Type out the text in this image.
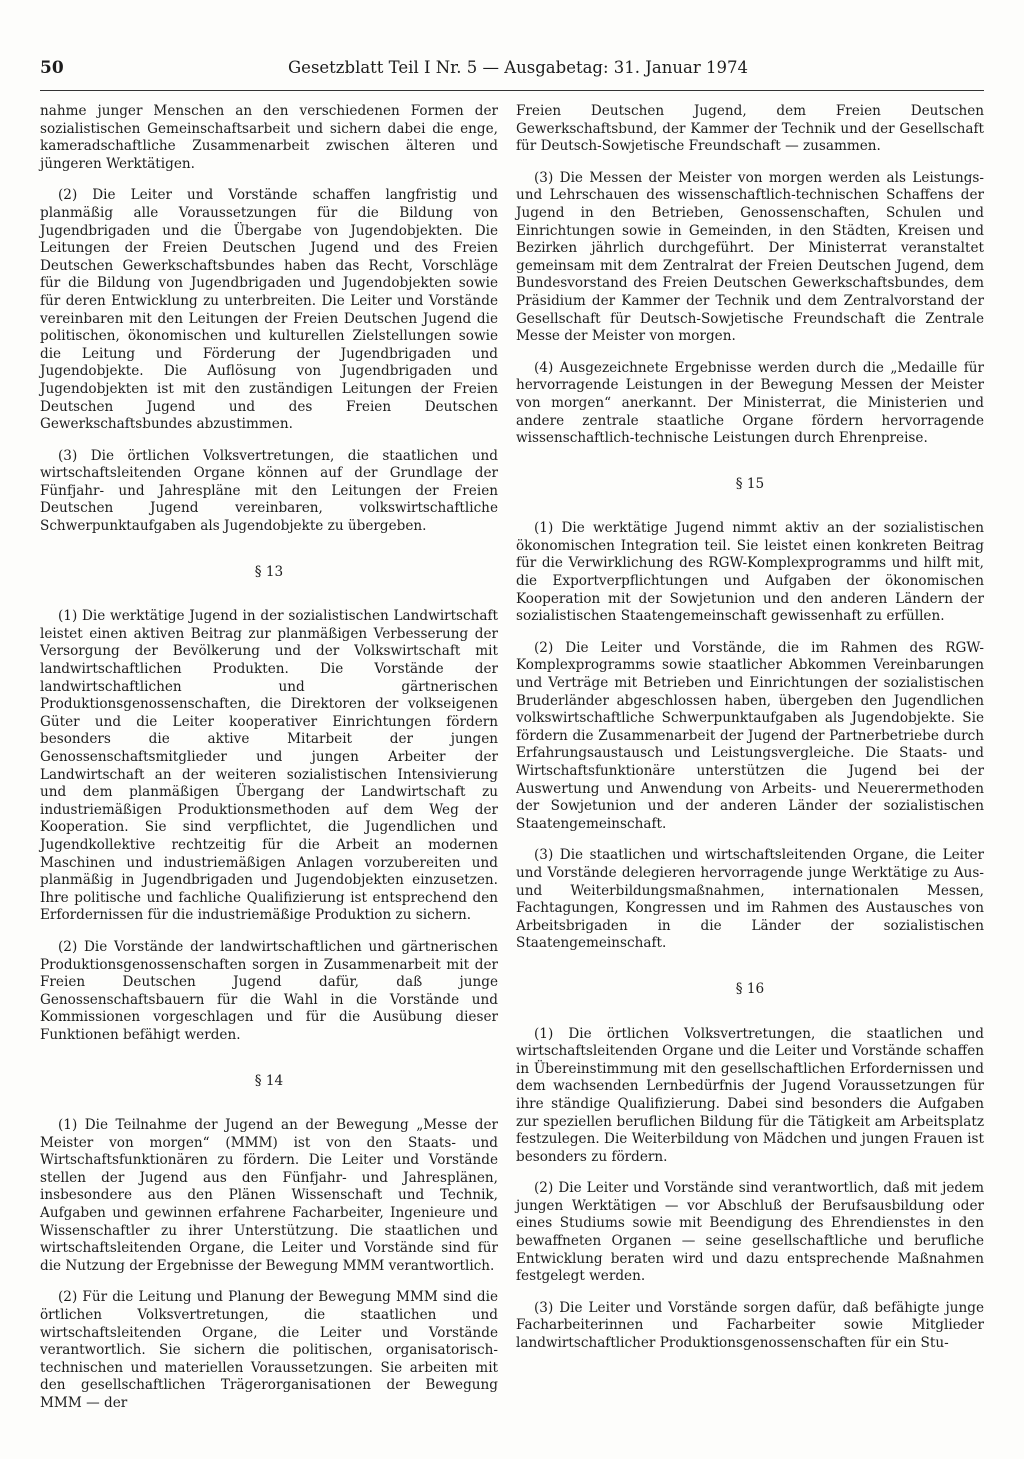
50	Gesetzblatt Teil I Nr. 5 — Ausgabetag: 31. Januar 1974

nahme junger Menschen an den verschiedenen Formen der sozialistischen Gemeinschaftsarbeit und sichern dabei die enge, kameradschaftliche Zusammenarbeit zwischen älteren und jüngeren Werktätigen.

(2) Die Leiter und Vorstände schaffen langfristig und planmäßig alle Voraussetzungen für die Bildung von Jugendbrigaden und die Übergabe von Jugendobjekten. Die Leitungen der Freien Deutschen Jugend und des Freien Deutschen Gewerkschaftsbundes haben das Recht, Vorschläge für die Bildung von Jugendbrigaden und Jugendobjekten sowie für deren Entwicklung zu unterbreiten. Die Leiter und Vorstände vereinbaren mit den Leitungen der Freien Deutschen Jugend die politischen, ökonomischen und kulturellen Zielstellungen sowie die Leitung und Förderung der Jugendbrigaden und Jugendobjekte. Die Auflösung von Jugendbrigaden und Jugendobjekten ist mit den zuständigen Leitungen der Freien Deutschen Jugend und des Freien Deutschen Gewerkschaftsbundes abzustimmen.

(3) Die örtlichen Volksvertretungen, die staatlichen und wirtschaftsleitenden Organe können auf der Grundlage der Fünfjahr- und Jahrespläne mit den Leitungen der Freien Deutschen Jugend vereinbaren, volkswirtschaftliche Schwerpunktaufgaben als Jugendobjekte zu übergeben.

§ 13

(1) Die werktätige Jugend in der sozialistischen Landwirtschaft leistet einen aktiven Beitrag zur planmäßigen Verbesserung der Versorgung der Bevölkerung und der Volkswirtschaft mit landwirtschaftlichen Produkten. Die Vorstände der landwirtschaftlichen und gärtnerischen Produktionsgenossenschaften, die Direktoren der volkseigenen Güter und die Leiter kooperativer Einrichtungen fördern besonders die aktive Mitarbeit der jungen Genossenschaftsmitglieder und jungen Arbeiter der Landwirtschaft an der weiteren sozialistischen Intensivierung und dem planmäßigen Übergang der Landwirtschaft zu industriemäßigen Produktionsmethoden auf dem Weg der Kooperation. Sie sind verpflichtet, die Jugendlichen und Jugendkollektive rechtzeitig für die Arbeit an modernen Maschinen und industriemäßigen Anlagen vorzubereiten und planmäßig in Jugendbrigaden und Jugendobjekten einzusetzen. Ihre politische und fachliche Qualifizierung ist entsprechend den Erfordernissen für die industriemäßige Produktion zu sichern.

(2) Die Vorstände der landwirtschaftlichen und gärtnerischen Produktionsgenossenschaften sorgen in Zusammenarbeit mit der Freien Deutschen Jugend dafür, daß junge Genossenschaftsbauern für die Wahl in die Vorstände und Kommissionen vorgeschlagen und für die Ausübung dieser Funktionen befähigt werden.

§ 14

(1) Die Teilnahme der Jugend an der Bewegung „Messe der Meister von morgen“ (MMM) ist von den Staats- und Wirtschaftsfunktionären zu fördern. Die Leiter und Vorstände stellen der Jugend aus den Fünfjahr- und Jahresplänen, insbesondere aus den Plänen Wissenschaft und Technik, Aufgaben und gewinnen erfahrene Facharbeiter, Ingenieure und Wissenschaftler zu ihrer Unterstützung. Die staatlichen und wirtschaftsleitenden Organe, die Leiter und Vorstände sind für die Nutzung der Ergebnisse der Bewegung MMM verantwortlich.

(2) Für die Leitung und Planung der Bewegung MMM sind die örtlichen Volksvertretungen, die staatlichen und wirtschaftsleitenden Organe, die Leiter und Vorstände verantwortlich. Sie sichern die politischen, organisatorisch-technischen und materiellen Voraussetzungen. Sie arbeiten mit den gesellschaftlichen Trägerorganisationen der Bewegung MMM — der

Freien Deutschen Jugend, dem Freien Deutschen Gewerkschaftsbund, der Kammer der Technik und der Gesellschaft für Deutsch-Sowjetische Freundschaft — zusammen.

(3) Die Messen der Meister von morgen werden als Leistungs- und Lehrschauen des wissenschaftlich-technischen Schaffens der Jugend in den Betrieben, Genossenschaften, Schulen und Einrichtungen sowie in Gemeinden, in den Städten, Kreisen und Bezirken jährlich durchgeführt. Der Ministerrat veranstaltet gemeinsam mit dem Zentralrat der Freien Deutschen Jugend, dem Bundesvorstand des Freien Deutschen Gewerkschaftsbundes, dem Präsidium der Kammer der Technik und dem Zentralvorstand der Gesellschaft für Deutsch-Sowjetische Freundschaft die Zentrale Messe der Meister von morgen.

(4) Ausgezeichnete Ergebnisse werden durch die „Medaille für hervorragende Leistungen in der Bewegung Messen der Meister von morgen“ anerkannt. Der Ministerrat, die Ministerien und andere zentrale staatliche Organe fördern hervorragende wissenschaftlich-technische Leistungen durch Ehrenpreise.

§ 15

(1) Die werktätige Jugend nimmt aktiv an der sozialistischen ökonomischen Integration teil. Sie leistet einen konkreten Beitrag für die Verwirklichung des RGW-Komplexprogramms und hilft mit, die Exportverpflichtungen und Aufgaben der ökonomischen Kooperation mit der Sowjetunion und den anderen Ländern der sozialistischen Staatengemeinschaft gewissenhaft zu erfüllen.

(2) Die Leiter und Vorstände, die im Rahmen des RGW-Komplexprogramms sowie staatlicher Abkommen Vereinbarungen und Verträge mit Betrieben und Einrichtungen der sozialistischen Bruderländer abgeschlossen haben, übergeben den Jugendlichen volkswirtschaftliche Schwerpunktaufgaben als Jugendobjekte. Sie fördern die Zusammenarbeit der Jugend der Partnerbetriebe durch Erfahrungsaustausch und Leistungsvergleiche. Die Staats- und Wirtschaftsfunktionäre unterstützen die Jugend bei der Auswertung und Anwendung von Arbeits- und Neuerermethoden der Sowjetunion und der anderen Länder der sozialistischen Staatengemeinschaft.

(3) Die staatlichen und wirtschaftsleitenden Organe, die Leiter und Vorstände delegieren hervorragende junge Werktätige zu Aus- und Weiterbildungsmaßnahmen, internationalen Messen, Fachtagungen, Kongressen und im Rahmen des Austausches von Arbeitsbrigaden in die Länder der sozialistischen Staatengemeinschaft.

§ 16

(1) Die örtlichen Volksvertretungen, die staatlichen und wirtschaftsleitenden Organe und die Leiter und Vorstände schaffen in Übereinstimmung mit den gesellschaftlichen Erfordernissen und dem wachsenden Lernbedürfnis der Jugend Voraussetzungen für ihre ständige Qualifizierung. Dabei sind besonders die Aufgaben zur speziellen beruflichen Bildung für die Tätigkeit am Arbeitsplatz festzulegen. Die Weiterbildung von Mädchen und jungen Frauen ist besonders zu fördern.

(2) Die Leiter und Vorstände sind verantwortlich, daß mit jedem jungen Werktätigen — vor Abschluß der Berufsausbildung oder eines Studiums sowie mit Beendigung des Ehrendienstes in den bewaffneten Organen — seine gesellschaftliche und berufliche Entwicklung beraten wird und dazu entsprechende Maßnahmen festgelegt werden.

(3) Die Leiter und Vorstände sorgen dafür, daß befähigte junge Facharbeiterinnen und Facharbeiter sowie Mitglieder landwirtschaftlicher Produktionsgenossenschaften für ein Stu-
